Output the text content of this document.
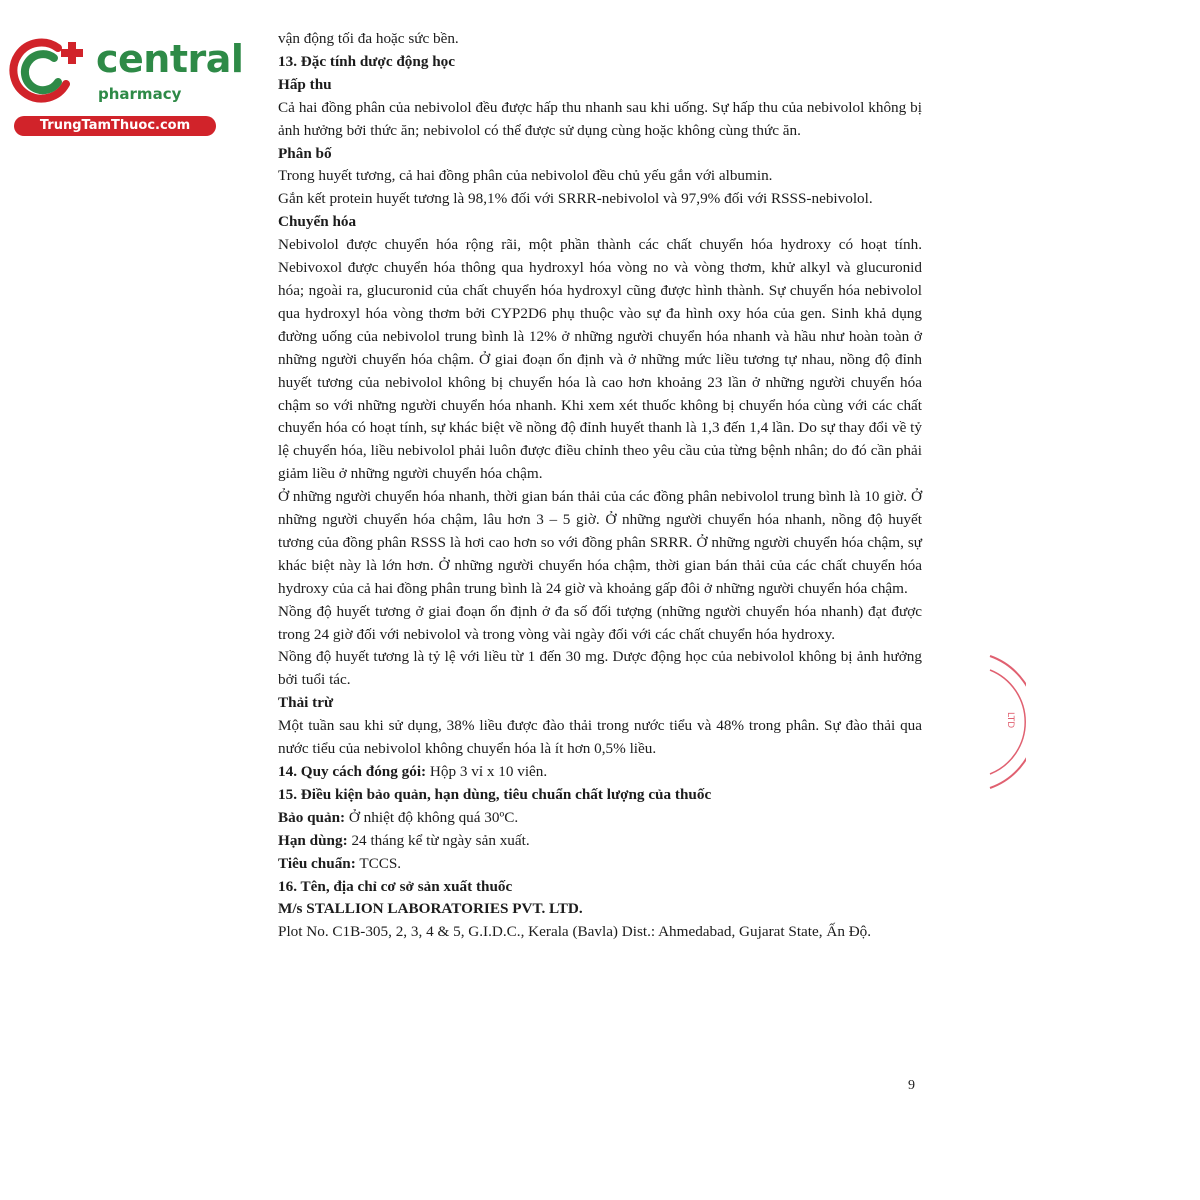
central
pharmacy
TrungTamThuoc.com

vận động tối đa hoặc sức bền.

13. Đặc tính dược động học

Hấp thu

Cả hai đồng phân của nebivolol đều được hấp thu nhanh sau khi uống. Sự hấp thu của nebivolol không bị ảnh hưởng bởi thức ăn; nebivolol có thể được sử dụng cùng hoặc không cùng thức ăn.

Phân bố

Trong huyết tương, cả hai đồng phân của nebivolol đều chủ yếu gắn với albumin.

Gắn kết protein huyết tương là 98,1% đối với SRRR-nebivolol và 97,9% đối với RSSS-nebivolol.

Chuyển hóa

Nebivolol được chuyển hóa rộng rãi, một phần thành các chất chuyển hóa hydroxy có hoạt tính. Nebivoxol được chuyển hóa thông qua hydroxyl hóa vòng no và vòng thơm, khử alkyl và glucuronid hóa; ngoài ra, glucuronid của chất chuyển hóa hydroxyl cũng được hình thành. Sự chuyển hóa nebivolol qua hydroxyl hóa vòng thơm bởi CYP2D6 phụ thuộc vào sự đa hình oxy hóa của gen. Sinh khả dụng đường uống của nebivolol trung bình là 12% ở những người chuyển hóa nhanh và hầu như hoàn toàn ở những người chuyển hóa chậm. Ở giai đoạn ổn định và ở những mức liều tương tự nhau, nồng độ đỉnh huyết tương của nebivolol không bị chuyển hóa là cao hơn khoảng 23 lần ở những người chuyển hóa chậm so với những người chuyển hóa nhanh. Khi xem xét thuốc không bị chuyển hóa cùng với các chất chuyển hóa có hoạt tính, sự khác biệt về nồng độ đỉnh huyết thanh là 1,3 đến 1,4 lần. Do sự thay đổi về tỷ lệ chuyển hóa, liều nebivolol phải luôn được điều chỉnh theo yêu cầu của từng bệnh nhân; do đó cần phải giảm liều ở những người chuyển hóa chậm.

Ở những người chuyển hóa nhanh, thời gian bán thải của các đồng phân nebivolol trung bình là 10 giờ. Ở những người chuyển hóa chậm, lâu hơn 3 – 5 giờ. Ở những người chuyển hóa nhanh, nồng độ huyết tương của đồng phân RSSS là hơi cao hơn so với đồng phân SRRR. Ở những người chuyển hóa chậm, sự khác biệt này là lớn hơn. Ở những người chuyển hóa chậm, thời gian bán thải của các chất chuyển hóa hydroxy của cả hai đồng phân trung bình là 24 giờ và khoảng gấp đôi ở những người chuyển hóa chậm.

Nồng độ huyết tương ở giai đoạn ổn định ở đa số đối tượng (những người chuyển hóa nhanh) đạt được trong 24 giờ đối với nebivolol và trong vòng vài ngày đối với các chất chuyển hóa hydroxy.

Nồng độ huyết tương là tỷ lệ với liều từ 1 đến 30 mg. Dược động học của nebivolol không bị ảnh hưởng bởi tuổi tác.

Thải trừ

Một tuần sau khi sử dụng, 38% liều được đào thải trong nước tiểu và 48% trong phân. Sự đào thải qua nước tiểu của nebivolol không chuyển hóa là ít hơn 0,5% liều.

14. Quy cách đóng gói: Hộp 3 vỉ x 10 viên.

15. Điều kiện bảo quản, hạn dùng, tiêu chuẩn chất lượng của thuốc

Bảo quản: Ở nhiệt độ không quá 30ºC.

Hạn dùng: 24 tháng kể từ ngày sản xuất.

Tiêu chuẩn: TCCS.

16. Tên, địa chỉ cơ sở sản xuất thuốc

M/s STALLION LABORATORIES PVT. LTD.

Plot No. C1B-305, 2, 3, 4 & 5, G.I.D.C., Kerala (Bavla) Dist.: Ahmedabad, Gujarat State, Ấn Độ.

9
LTD
